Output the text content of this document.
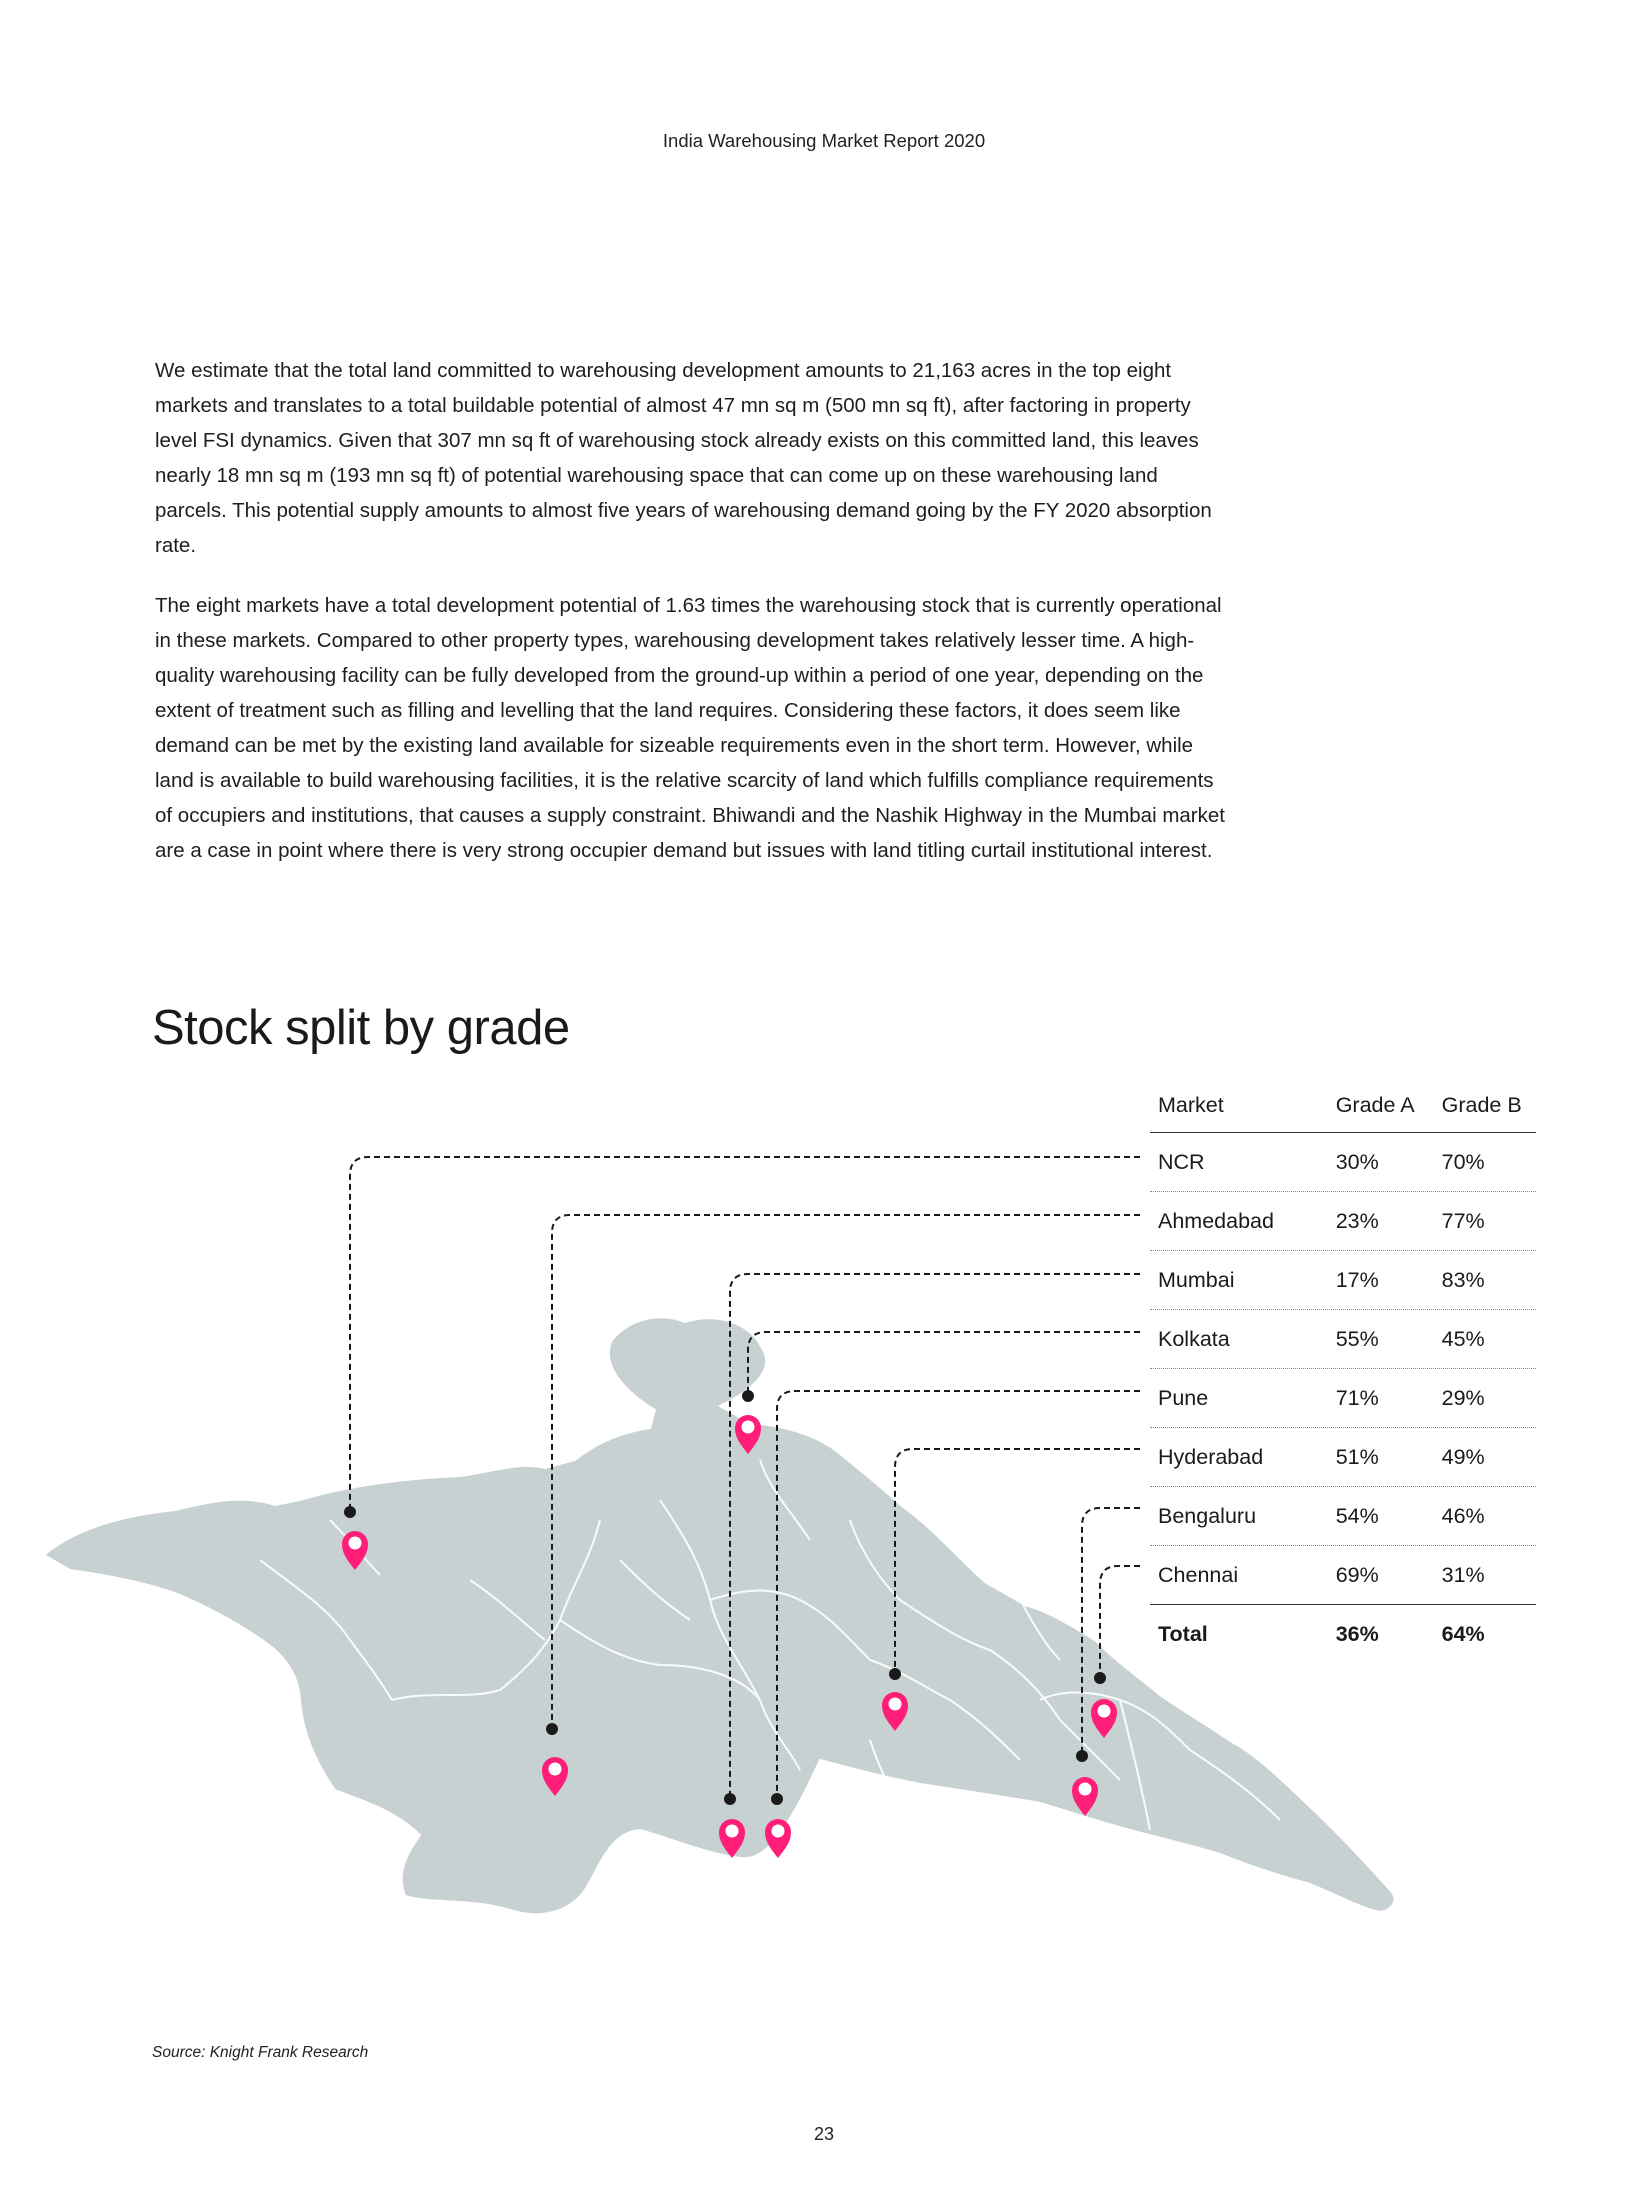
India Warehousing Market Report 2020

We estimate that the total land committed to warehousing development amounts to 21,163 acres in the top eight markets and translates to a total buildable potential of almost 47 mn sq m (500 mn sq ft), after factoring in property level FSI dynamics. Given that 307 mn sq ft of warehousing stock already exists on this committed land, this leaves nearly 18 mn sq m (193 mn sq ft) of potential warehousing space that can come up on these warehousing land parcels. This potential supply amounts to almost five years of warehousing demand going by the FY 2020 absorption rate.

The eight markets have a total development potential of 1.63 times the warehousing stock that is currently operational in these markets. Compared to other property types, warehousing development takes relatively lesser time. A high-quality warehousing facility can be fully developed from the ground-up within a period of one year, depending on the extent of treatment such as filling and levelling that the land requires. Considering these factors, it does seem like demand can be met by the existing land available for sizeable requirements even in the short term. However, while land is available to build warehousing facilities, it is the relative scarcity of land which fulfills compliance requirements of occupiers and institutions, that causes a supply constraint. Bhiwandi and the Nashik Highway in the Mumbai market are a case in point where there is very strong occupier demand but issues with land titling curtail institutional interest.

Stock split by grade
Market	Grade A	Grade B
NCR	30%	70%
Ahmedabad	23%	77%
Mumbai	17%	83%
Kolkata	55%	45%
Pune	71%	29%
Hyderabad	51%	49%
Bengaluru	54%	46%
Chennai	69%	31%
Total	36%	64%
Source: Knight Frank Research
23
